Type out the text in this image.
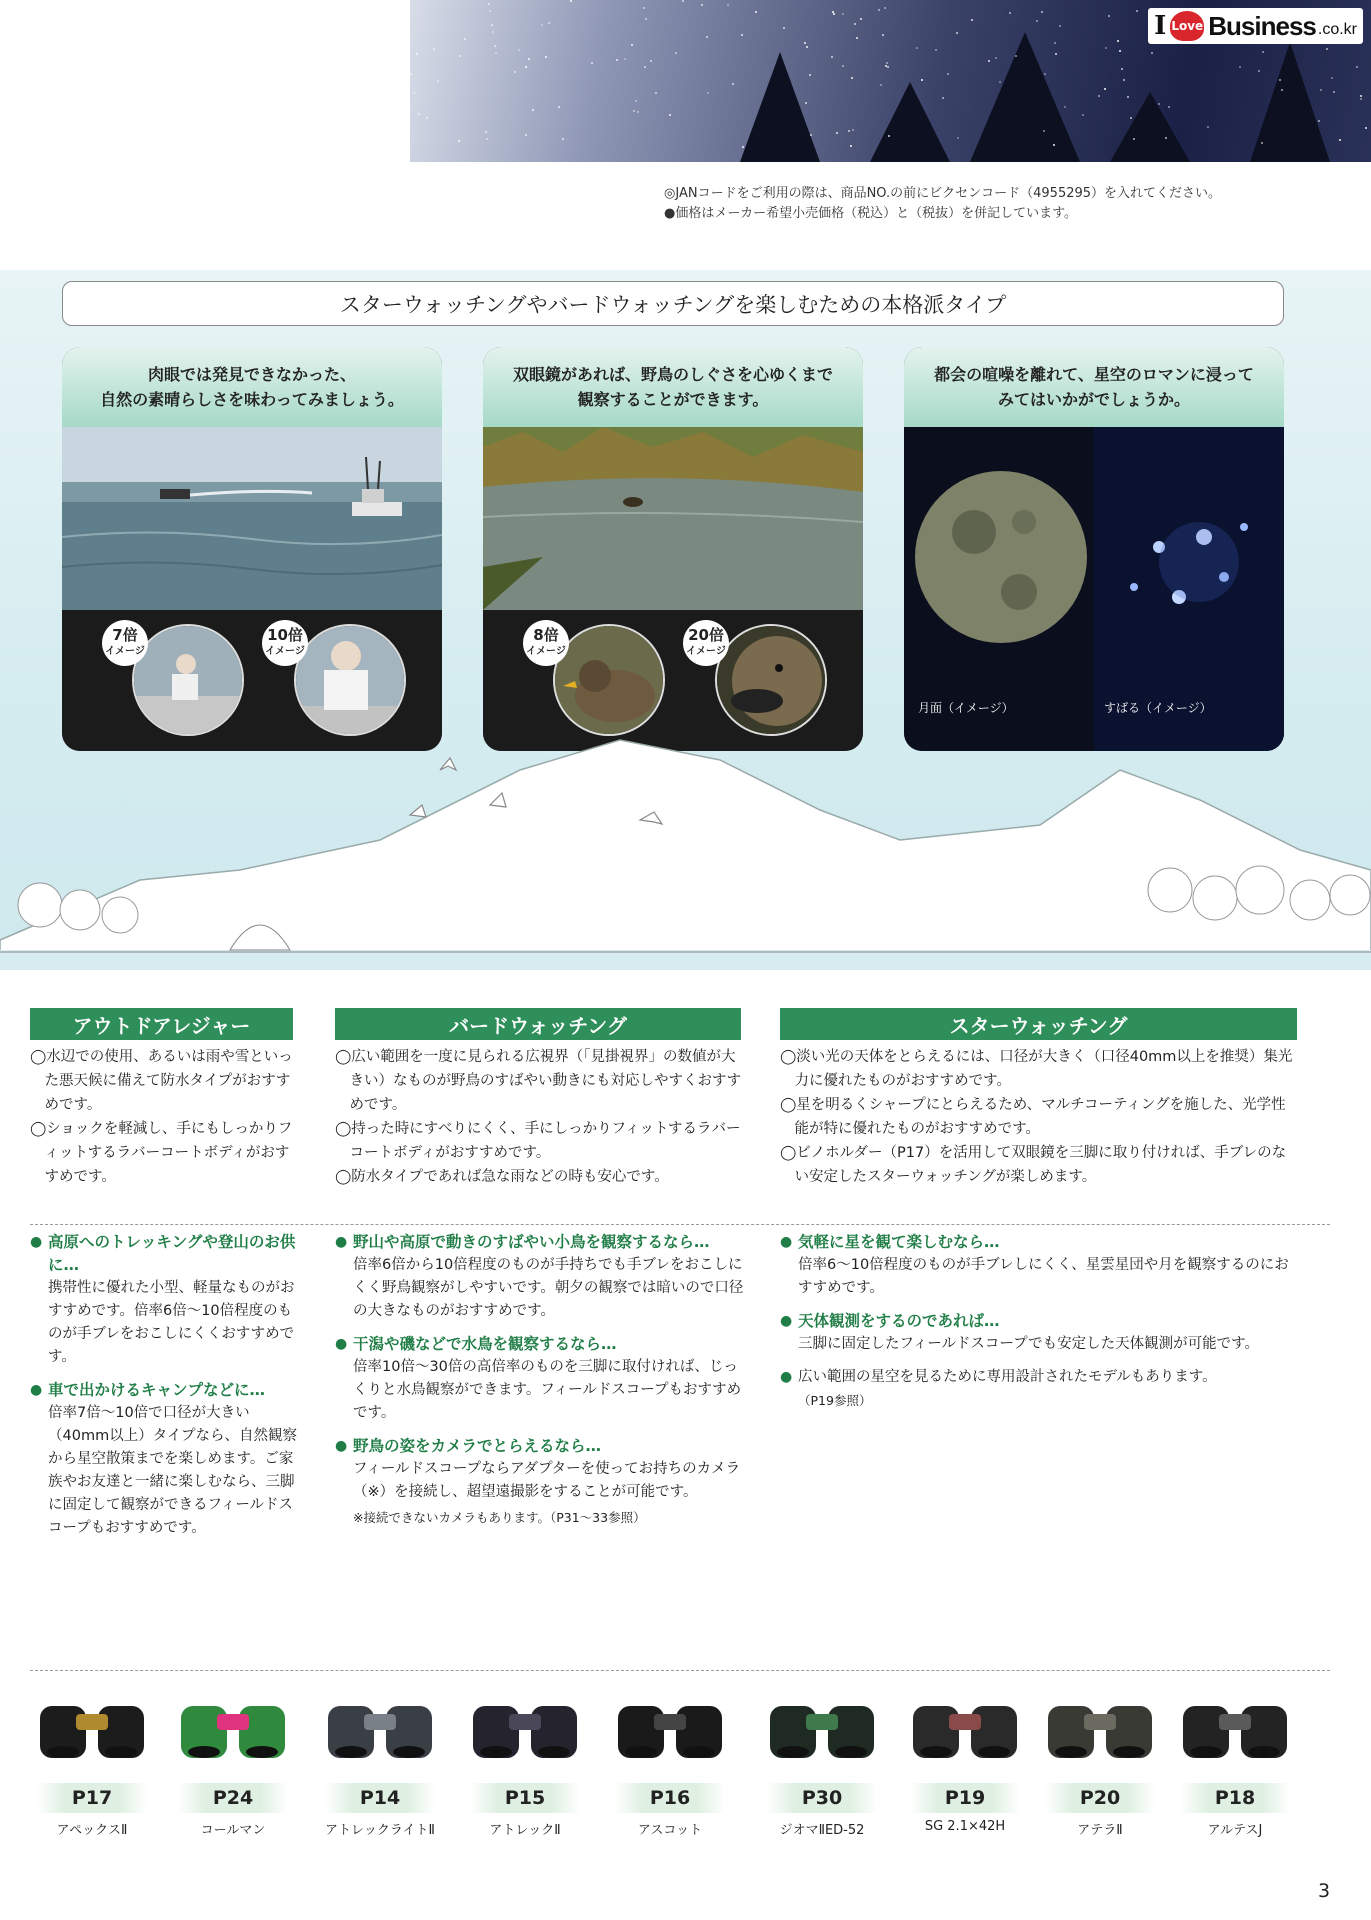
I Love Business .co.kr
◎JANコードをご利用の際は、商品NO.の前にビクセンコード（4955295）を入れてください。
●価格はメーカー希望小売価格（税込）と（税抜）を併記しています。
スターウォッチングやバードウォッチングを楽しむための本格派タイプ
肉眼では発見できなかった、
自然の素晴らしさを味わってみましょう。
7倍
イメージ
10倍
イメージ
双眼鏡があれば、野鳥のしぐさを心ゆくまで
観察することができます。
8倍
イメージ
20倍
イメージ
都会の喧噪を離れて、星空のロマンに浸って
みてはいかがでしょうか。
月面（イメージ）	すばる（イメージ）
アウトドアレジャー	バードウォッチング	スターウォッチング

◯水辺での使用、あるいは雨や雪といった悪天候に備えて防水タイプがおすすめです。

◯ショックを軽減し、手にもしっかりフィットするラバーコートボディがおすすめです。

◯広い範囲を一度に見られる広視界（「見掛視界」の数値が大きい）なものが野鳥のすばやい動きにも対応しやすくおすすめです。

◯持った時にすべりにくく、手にしっかりフィットするラバーコートボディがおすすめです。

◯防水タイプであれば急な雨などの時も安心です。

◯淡い光の天体をとらえるには、口径が大きく（口径40mm以上を推奨）集光力に優れたものがおすすめです。

◯星を明るくシャープにとらえるため、マルチコーティングを施した、光学性能が特に優れたものがおすすめです。

◯ビノホルダー（P17）を活用して双眼鏡を三脚に取り付ければ、手ブレのない安定したスターウォッチングが楽しめます。

● 高原へのトレッキングや登山のお供に…
携帯性に優れた小型、軽量なものがおすすめです。倍率6倍～10倍程度のものが手ブレをおこしにくくおすすめです。
● 車で出かけるキャンプなどに…
倍率7倍～10倍で口径が大きい（40mm以上）タイプなら、自然観察から星空散策までを楽しめます。ご家族やお友達と一緒に楽しむなら、三脚に固定して観察ができるフィールドスコープもおすすめです。
● 野山や高原で動きのすばやい小鳥を観察するなら…
倍率6倍から10倍程度のものが手持ちでも手ブレをおこしにくく野鳥観察がしやすいです。朝夕の観察では暗いので口径の大きなものがおすすめです。
● 干潟や磯などで水鳥を観察するなら…
倍率10倍～30倍の高倍率のものを三脚に取付ければ、じっくりと水鳥観察ができます。フィールドスコープもおすすめです。
● 野鳥の姿をカメラでとらえるなら…
フィールドスコープならアダプターを使ってお持ちのカメラ（※）を接続し、超望遠撮影をすることが可能です。
※接続できないカメラもあります。（P31～33参照）
● 気軽に星を観て楽しむなら…
倍率6～10倍程度のものが手ブレしにくく、星雲星団や月を観察するのにおすすめです。
● 天体観測をするのであれば…
三脚に固定したフィールドスコープでも安定した天体観測が可能です。
● 広い範囲の星空を見るために専用設計されたモデルもあります。
（P19参照）
P17
アペックスⅡ
P24
コールマン
P14
アトレックライトⅡ
P15
アトレックⅡ
P16
アスコット
P30
ジオマⅡED-52
P19
SG 2.1×42H
P20
アテラⅡ
P18
アルテスJ
3
